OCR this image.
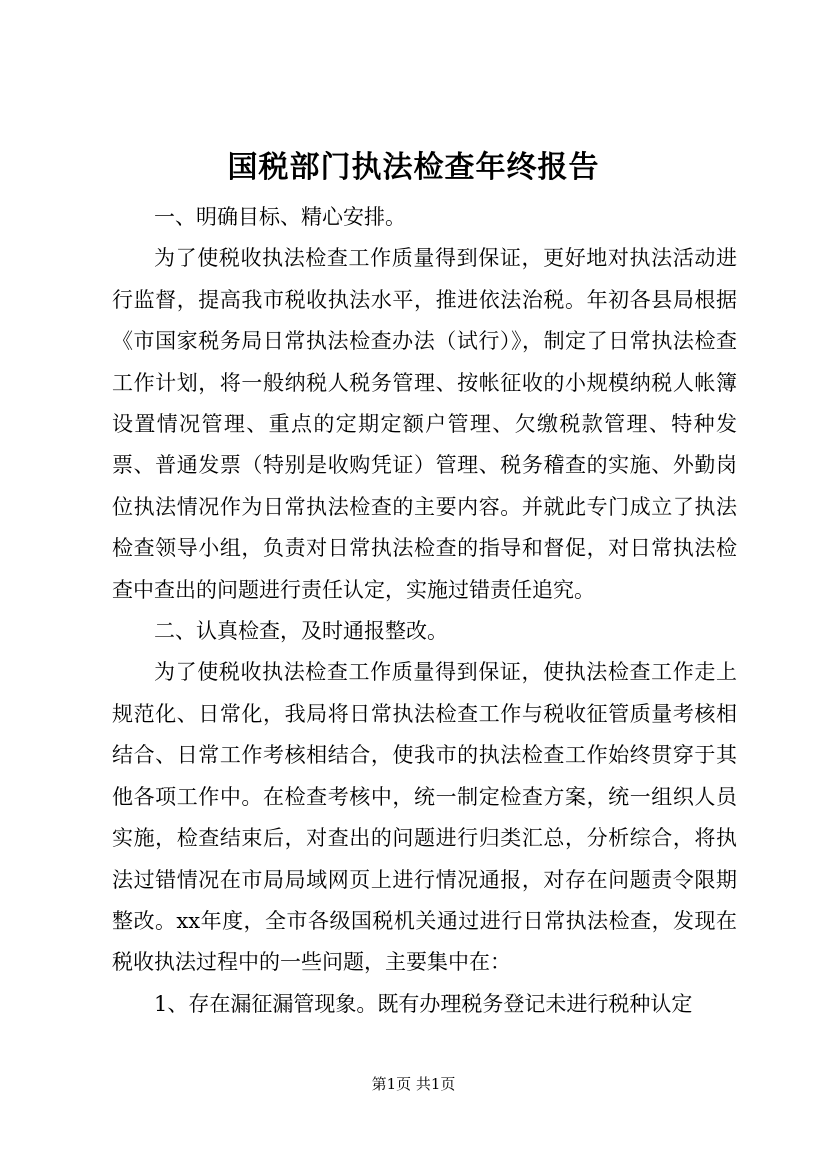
国税部门执法检查年终报告

一、明确目标、精心安排。

为了使税收执法检查工作质量得到保证，更好地对执法活动进行监督，提高我市税收执法水平，推进依法治税。年初各县局根据《市国家税务局日常执法检查办法（试行）》，制定了日常执法检查工作计划，将一般纳税人税务管理、按帐征收的小规模纳税人帐簿设置情况管理、重点的定期定额户管理、欠缴税款管理、特种发票、普通发票（特别是收购凭证）管理、税务稽查的实施、外勤岗位执法情况作为日常执法检查的主要内容。并就此专门成立了执法检查领导小组，负责对日常执法检查的指导和督促，对日常执法检查中查出的问题进行责任认定，实施过错责任追究。

二、认真检查，及时通报整改。

为了使税收执法检查工作质量得到保证，使执法检查工作走上规范化、日常化，我局将日常执法检查工作与税收征管质量考核相结合、日常工作考核相结合，使我市的执法检查工作始终贯穿于其他各项工作中。在检查考核中，统一制定检查方案，统一组织人员实施，检查结束后，对查出的问题进行归类汇总，分析综合，将执法过错情况在市局局域网页上进行情况通报，对存在问题责令限期整改。xx年度，全市各级国税机关通过进行日常执法检查，发现在税收执法过程中的一些问题，主要集中在：

1、存在漏征漏管现象。既有办理税务登记未进行税种认定

第1页 共1页
